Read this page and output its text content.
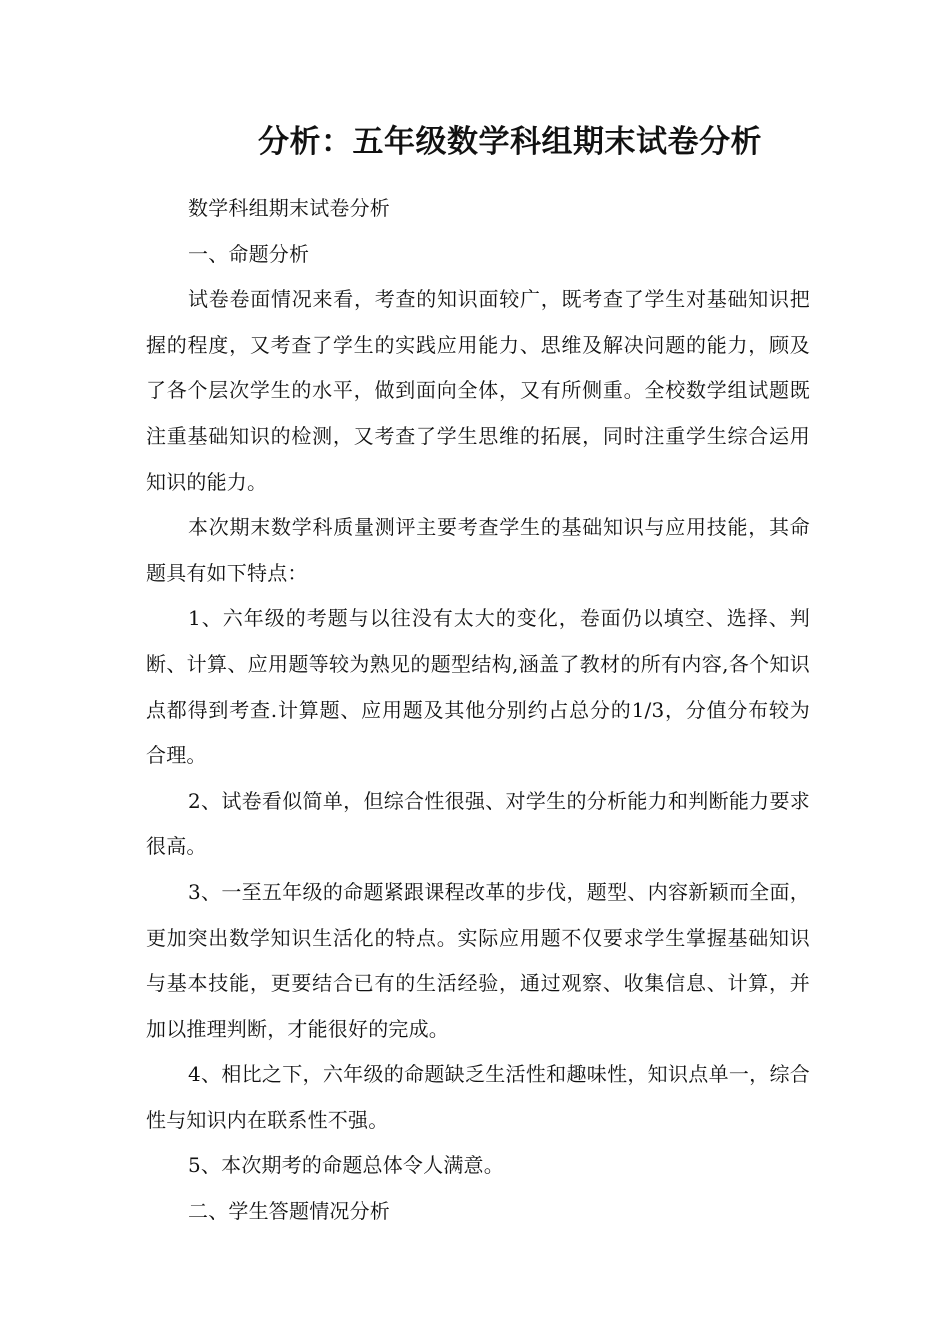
分析：五年级数学科组期末试卷分析

数学科组期末试卷分析

一、命题分析

试卷卷面情况来看，考查的知识面较广，既考查了学生对基础知识把握的程度，又考查了学生的实践应用能力、思维及解决问题的能力，顾及了各个层次学生的水平，做到面向全体，又有所侧重。全校数学组试题既注重基础知识的检测，又考查了学生思维的拓展，同时注重学生综合运用知识的能力。

本次期末数学科质量测评主要考查学生的基础知识与应用技能，其命题具有如下特点：

1、六年级的考题与以往没有太大的变化，卷面仍以填空、选择、判断、计算、应用题等较为熟见的题型结构,涵盖了教材的所有内容,各个知识点都得到考查.计算题、应用题及其他分别约占总分的1/3，分值分布较为合理。

2、试卷看似简单，但综合性很强、对学生的分析能力和判断能力要求很高。

3、一至五年级的命题紧跟课程改革的步伐，题型、内容新颖而全面，更加突出数学知识生活化的特点。实际应用题不仅要求学生掌握基础知识与基本技能，更要结合已有的生活经验，通过观察、收集信息、计算，并加以推理判断，才能很好的完成。

4、相比之下，六年级的命题缺乏生活性和趣味性，知识点单一，综合性与知识内在联系性不强。

5、本次期考的命题总体令人满意。

二、学生答题情况分析
